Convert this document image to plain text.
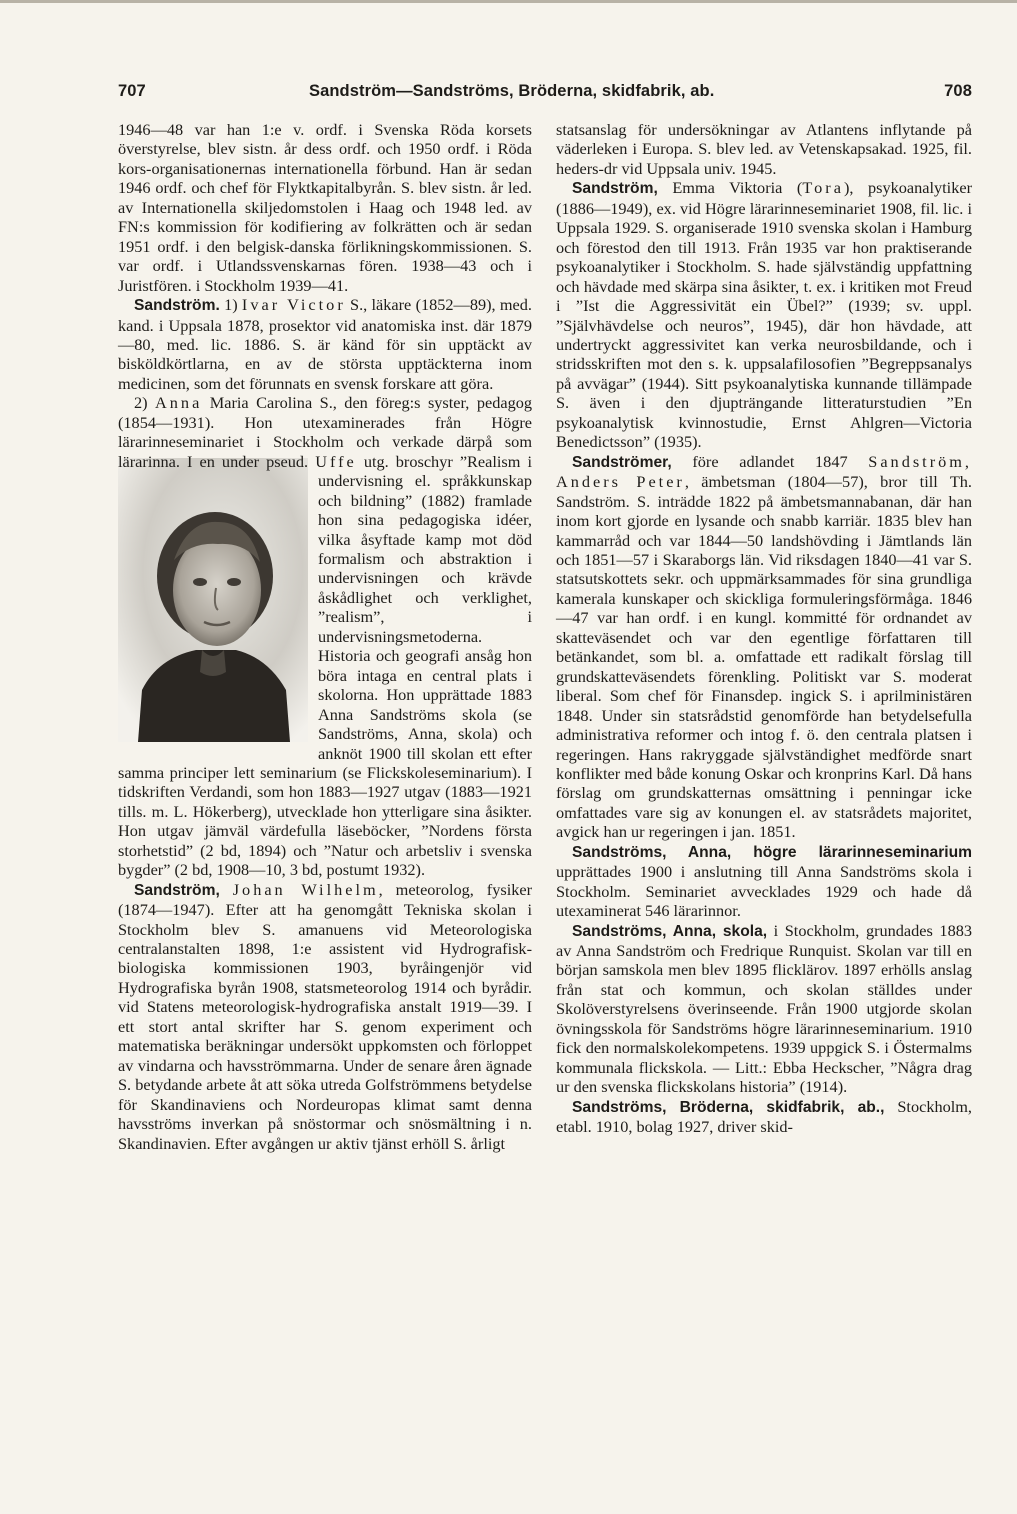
707	Sandström—Sandströms, Bröderna, skidfabrik, ab.	708

1946—48 var han 1:e v. ordf. i Svenska Röda korsets överstyrelse, blev sistn. år dess ordf. och 1950 ordf. i Röda kors-organisationernas internationella förbund. Han är sedan 1946 ordf. och chef för Flyktkapitalbyrån. S. blev sistn. år led. av Internationella skiljedomstolen i Haag och 1948 led. av FN:s kommission för kodifiering av folkrätten och är sedan 1951 ordf. i den belgisk-danska förlikningskommissionen. S. var ordf. i Utlandssvenskarnas fören. 1938—43 och i Juristfören. i Stockholm 1939—41.

Sandström. 1) Ivar Victor S., läkare (1852—89), med. kand. i Uppsala 1878, prosektor vid anatomiska inst. där 1879—80, med. lic. 1886. S. är känd för sin upptäckt av bisköldkörtlarna, en av de största upptäckterna inom medicinen, som det förunnats en svensk forskare att göra.

2) Anna Maria Carolina S., den föreg:s syster, pedagog (1854—1931). Hon utexaminerades från Högre lärarinneseminariet i Stockholm och verkade därpå som lärarinna. I en under pseud.
Uffe utg. broschyr ”Realism i undervisning el. språkkunskap och bildning” (1882) framlade hon sina pedagogiska idéer, vilka åsyftade kamp mot död formalism och abstraktion i undervisningen och krävde åskådlighet och verklighet, ”realism”, i undervisningsmetoderna. Historia och geografi ansåg hon böra intaga en central plats i skolorna. Hon upprättade 1883 Anna Sandströms skola (se Sandströms, Anna, skola) och anknöt 1900 till skolan ett efter samma principer lett seminarium (se Flickskoleseminarium). I tidskriften Verdandi, som hon 1883—1927 utgav (1883—1921 tills. m. L. Hökerberg), utvecklade hon ytterligare sina åsikter. Hon utgav jämväl värdefulla läseböcker, ”Nordens första storhetstid” (2 bd, 1894) och ”Natur och arbetsliv i svenska bygder” (2 bd, 1908—10, 3 bd, postumt 1932).

Sandström, Johan Wilhelm, meteorolog, fysiker (1874—1947). Efter att ha genomgått Tekniska skolan i Stockholm blev S. amanuens vid Meteorologiska centralanstalten 1898, 1:e assistent vid Hydrografisk-biologiska kommissionen 1903, byråingenjör vid Hydrografiska byrån 1908, statsmeteorolog 1914 och byrådir. vid Statens meteorologisk-hydrografiska anstalt 1919—39. I ett stort antal skrifter har S. genom experiment och matematiska beräkningar undersökt uppkomsten och förloppet av vindarna och havsströmmarna. Under de senare åren ägnade S. betydande arbete åt att söka utreda Golfströmmens betydelse för Skandinaviens och Nordeuropas klimat samt denna havsströms inverkan på snöstormar och snösmältning i n. Skandinavien. Efter avgången ur aktiv tjänst erhöll S. årligt

statsanslag för undersökningar av Atlantens inflytande på väderleken i Europa. S. blev led. av Vetenskapsakad. 1925, fil. heders-dr vid Uppsala univ. 1945.

Sandström, Emma Viktoria (Tora), psykoanalytiker (1886—1949), ex. vid Högre lärarinneseminariet 1908, fil. lic. i Uppsala 1929. S. organiserade 1910 svenska skolan i Hamburg och förestod den till 1913. Från 1935 var hon praktiserande psykoanalytiker i Stockholm. S. hade självständig uppfattning och hävdade med skärpa sina åsikter, t. ex. i kritiken mot Freud i ”Ist die Aggressivität ein Übel?” (1939; sv. uppl. ”Självhävdelse och neuros”, 1945), där hon hävdade, att undertryckt aggressivitet kan verka neurosbildande, och i stridsskriften mot den s. k. uppsalafilosofien ”Begreppsanalys på avvägar” (1944). Sitt psykoanalytiska kunnande tillämpade S. även i den djupträngande litteraturstudien ”En psykoanalytisk kvinnostudie, Ernst Ahlgren—Victoria Benedictsson” (1935).

Sandströmer, före adlandet 1847 Sandström, Anders Peter, ämbetsman (1804—57), bror till Th. Sandström. S. inträdde 1822 på ämbetsmannabanan, där han inom kort gjorde en lysande och snabb karriär. 1835 blev han kammarråd och var 1844—50 landshövding i Jämtlands län och 1851—57 i Skaraborgs län. Vid riksdagen 1840—41 var S. statsutskottets sekr. och uppmärksammades för sina grundliga kamerala kunskaper och skickliga formuleringsförmåga. 1846—47 var han ordf. i en kungl. kommitté för ordnandet av skatteväsendet och var den egentlige författaren till betänkandet, som bl. a. omfattade ett radikalt förslag till grundskatteväsendets förenkling. Politiskt var S. moderat liberal. Som chef för Finansdep. ingick S. i aprilministären 1848. Under sin statsrådstid genomförde han betydelsefulla administrativa reformer och intog f. ö. den centrala platsen i regeringen. Hans rakryggade självständighet medförde snart konflikter med både konung Oskar och kronprins Karl. Då hans förslag om grundskatternas omsättning i penningar icke omfattades vare sig av konungen el. av statsrådets majoritet, avgick han ur regeringen i jan. 1851.

Sandströms, Anna, högre lärarinneseminarium upprättades 1900 i anslutning till Anna Sandströms skola i Stockholm. Seminariet avvecklades 1929 och hade då utexaminerat 546 lärarinnor.

Sandströms, Anna, skola, i Stockholm, grundades 1883 av Anna Sandström och Fredrique Runquist. Skolan var till en början samskola men blev 1895 flicklärov. 1897 erhölls anslag från stat och kommun, och skolan ställdes under Skolöverstyrelsens överinseende. Från 1900 utgjorde skolan övningsskola för Sandströms högre lärarinneseminarium. 1910 fick den normalskolekompetens. 1939 uppgick S. i Östermalms kommunala flickskola. — Litt.: Ebba Heckscher, ”Några drag ur den svenska flickskolans historia” (1914).

Sandströms, Bröderna, skidfabrik, ab., Stockholm, etabl. 1910, bolag 1927, driver skid-
